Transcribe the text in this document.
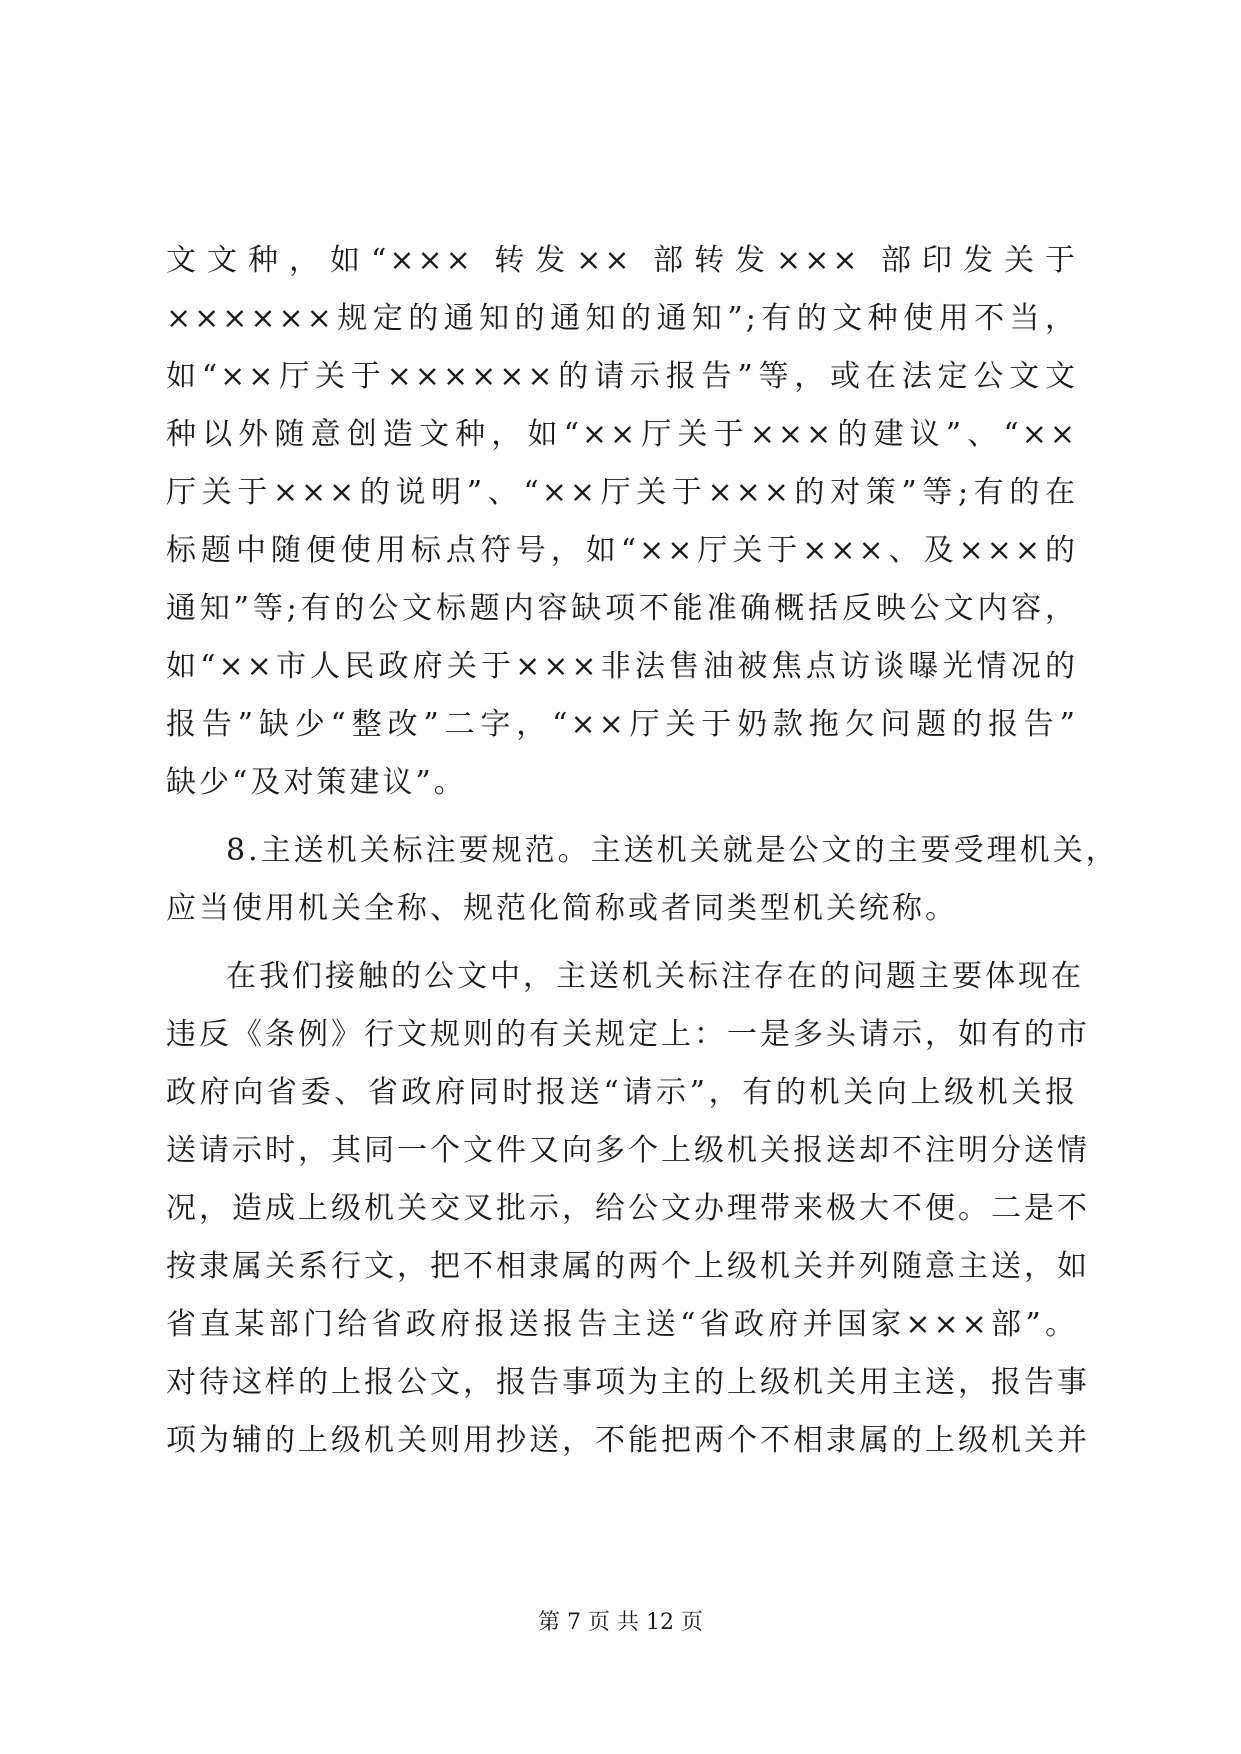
文文种，如“××× 转发×× 部转发××× 部印发关于
××××××规定的通知的通知的通知”;有的文种使用不当，
如“××厅关于××××××的请示报告”等，或在法定公文文
种以外随意创造文种，如“××厅关于×××的建议”、“××
厅关于×××的说明”、“××厅关于×××的对策”等;有的在
标题中随便使用标点符号，如“××厅关于×××、及×××的
通知”等;有的公文标题内容缺项不能准确概括反映公文内容，
如“××市人民政府关于×××非法售油被焦点访谈曝光情况的
报告”缺少“整改”二字，“××厅关于奶款拖欠问题的报告”
缺少“及对策建议”。
8.主送机关标注要规范。主送机关就是公文的主要受理机关，
应当使用机关全称、规范化简称或者同类型机关统称。
在我们接触的公文中，主送机关标注存在的问题主要体现在
违反《条例》行文规则的有关规定上：一是多头请示，如有的市
政府向省委、省政府同时报送“请示”，有的机关向上级机关报
送请示时，其同一个文件又向多个上级机关报送却不注明分送情
况，造成上级机关交叉批示，给公文办理带来极大不便。二是不
按隶属关系行文，把不相隶属的两个上级机关并列随意主送，如
省直某部门给省政府报送报告主送“省政府并国家×××部”。
对待这样的上报公文，报告事项为主的上级机关用主送，报告事
项为辅的上级机关则用抄送，不能把两个不相隶属的上级机关并
第 7 页 共 12 页
